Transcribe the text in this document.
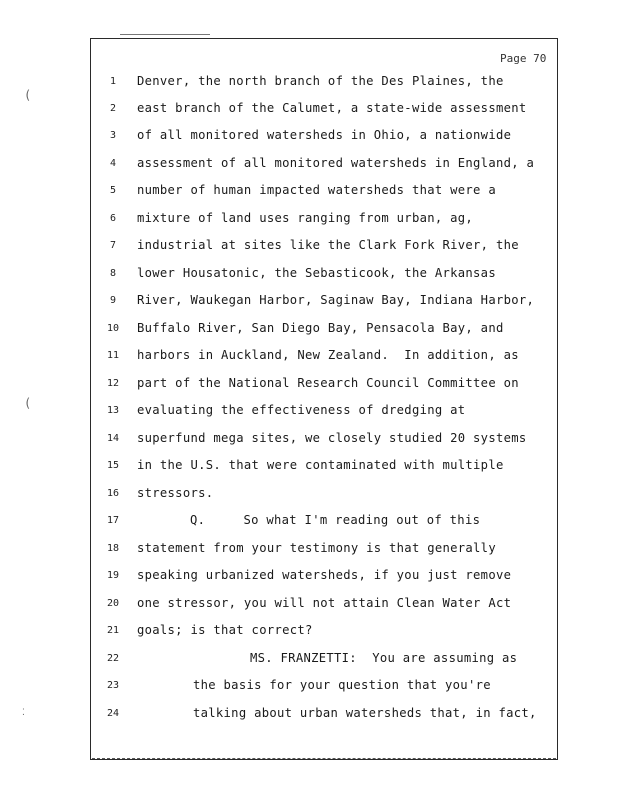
Page 70
(
(
⁚
1	Denver, the north branch of the Des Plaines, the
2	east branch of the Calumet, a state-wide assessment
3	of all monitored watersheds in Ohio, a nationwide
4	assessment of all monitored watersheds in England, a
5	number of human impacted watersheds that were a
6	mixture of land uses ranging from urban, ag,
7	industrial at sites like the Clark Fork River, the
8	lower Housatonic, the Sebasticook, the Arkansas
9	River, Waukegan Harbor, Saginaw Bay, Indiana Harbor,
10	Buffalo River, San Diego Bay, Pensacola Bay, and
11	harbors in Auckland, New Zealand.  In addition, as
12	part of the National Research Council Committee on
13	evaluating the effectiveness of dredging at
14	superfund mega sites, we closely studied 20 systems
15	in the U.S. that were contaminated with multiple
16	stressors.
17	Q.     So what I'm reading out of this
18	statement from your testimony is that generally
19	speaking urbanized watersheds, if you just remove
20	one stressor, you will not attain Clean Water Act
21	goals; is that correct?
22	MS. FRANZETTI:  You are assuming as
23	the basis for your question that you're
24	talking about urban watersheds that, in fact,
